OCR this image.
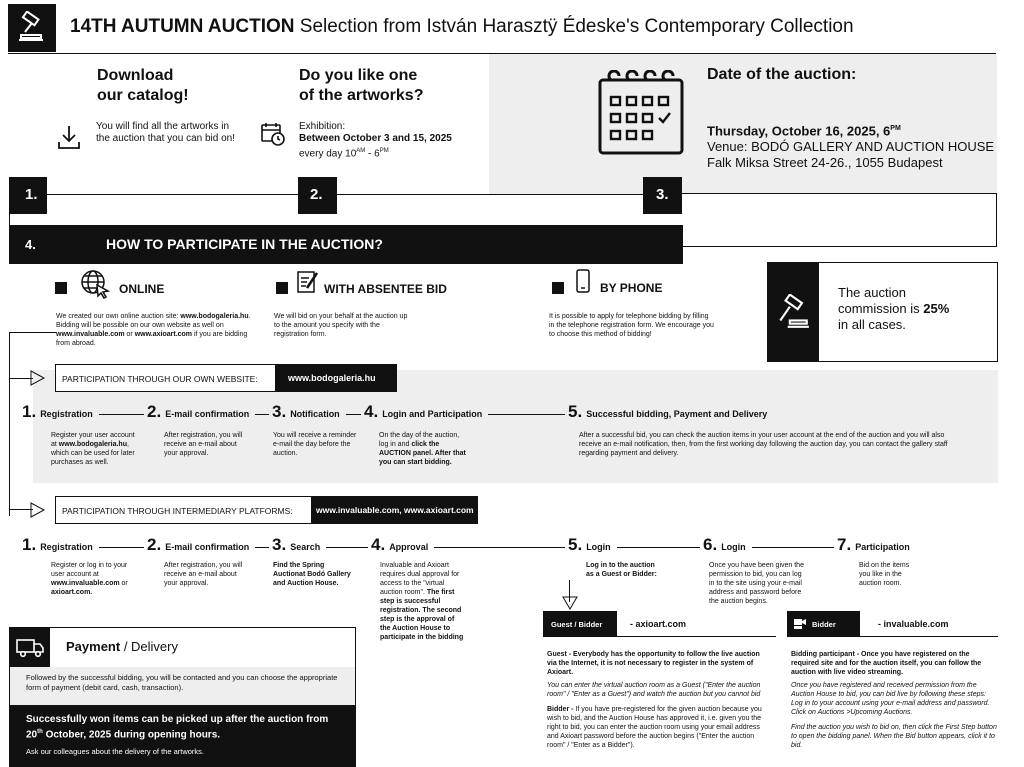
14TH AUTUMN AUCTION Selection from István Harasztÿ Édeske's Contemporary Collection
Download
our catalog!
You will find all the artworks in the auction that you can bid on!
1.
Do you like one
of the artworks?
Exhibition:
Between October 3 and 15, 2025
every day $10^{AM} - 6^{PM}$
2.
Date of the auction:
Thursday, October 16, 2025, $6^{PM}$
Venue: BODÓ GALLERY AND AUCTION HOUSE
Falk Miksa Street 24-26., 1055 Budapest
3.
4.	HOW TO PARTICIPATE IN THE AUCTION?
ONLINE
We created our own online auction site: www.bodogaleria.hu. Bidding will be possible on our own website as well on www.invaluable.com or www.axioart.com if you are bidding from abroad.
WITH ABSENTEE BID
We will bid on your behalf at the auction up to the amount you specify with the registration form.
BY PHONE
It is possible to apply for telephone bidding by filling in the telephone registration form. We encourage you to choose this method of bidding!
The auction
commission is 25%
in all cases.
PARTICIPATION THROUGH OUR OWN WEBSITE:	www.bodogaleria.hu
1. Registration
Register your user account at www.bodogaleria.hu, which can be used for later purchases as well.
2. E-mail confirmation
After registration, you will receive an e-mail about your approval.
3. Notification
You will receive a reminder e-mail the day before the auction.
4. Login and Participation
On the day of the auction, log in and click the AUCTION panel. After that you can start bidding.
5. Successful bidding, Payment and Delivery
After a successful bid, you can check the auction items in your user account at the end of the auction and you will also receive an e-mail notification, then, from the first working day following the auction day, you can contact the gallery staff regarding payment and delivery.
PARTICIPATION THROUGH INTERMEDIARY PLATFORMS:	www.invaluable.com, www.axioart.com
1. Registration
Register or log in to your user account at www.invaluable.com or axioart.com.
2. E-mail confirmation
After registration, you will receive an e-mail about your approval.
3. Search
Find the Spring Auctionat Bodó Gallery and Auction House.
4. Approval
Invaluable and Axioart requires dual approval for access to the "virtual auction room". The first step is successful registration. The second step is the approval of the Auction House to participate in the bidding
5. Login
Log in to the auction as a Guest or Bidder:
6. Login
Once you have been given the permission to bid, you can log in to the site using your e-mail address and password before the auction begins.
7. Participation
Bid on the items you like in the auction room.
Guest / Bidder	- axioart.com
Guest - Everybody has the opportunity to follow the live auction via the Internet, it is not necessary to register in the system of Axioart.
You can enter the virtual auction room as a Guest ("Enter the auction room" / "Enter as a Guest") and watch the auction but you cannot bid
Bidder - If you have pre-registered for the given auction because you wish to bid, and the Auction House has approved it, i.e. given you the right to bid, you can enter the auction room using your email address and Axioart password before the auction begins ("Enter the auction room" / "Enter as a Bidder").
Bidder	- invaluable.com
Bidding participant - Once you have registered on the required site and for the auction itself, you can follow the auction with live video streaming.
Once you have registered and received permission from the Auction House to bid, you can bid live by following these steps: Log in to your account using your e-mail address and password. Click on Auctions >Upcoming Auctions.
Find the auction you wish to bid on, then click the First Step button to open the bidding panel. When the Bid button appears, click it to bid.
Payment / Delivery
Followed by the successful bidding, you will be contacted and you can choose the appropriate form of payment (debit card, cash, transaction).
Successfully won items can be picked up after the auction from 20th October, 2025 during opening hours.
Ask our colleagues about the delivery of the artworks.
